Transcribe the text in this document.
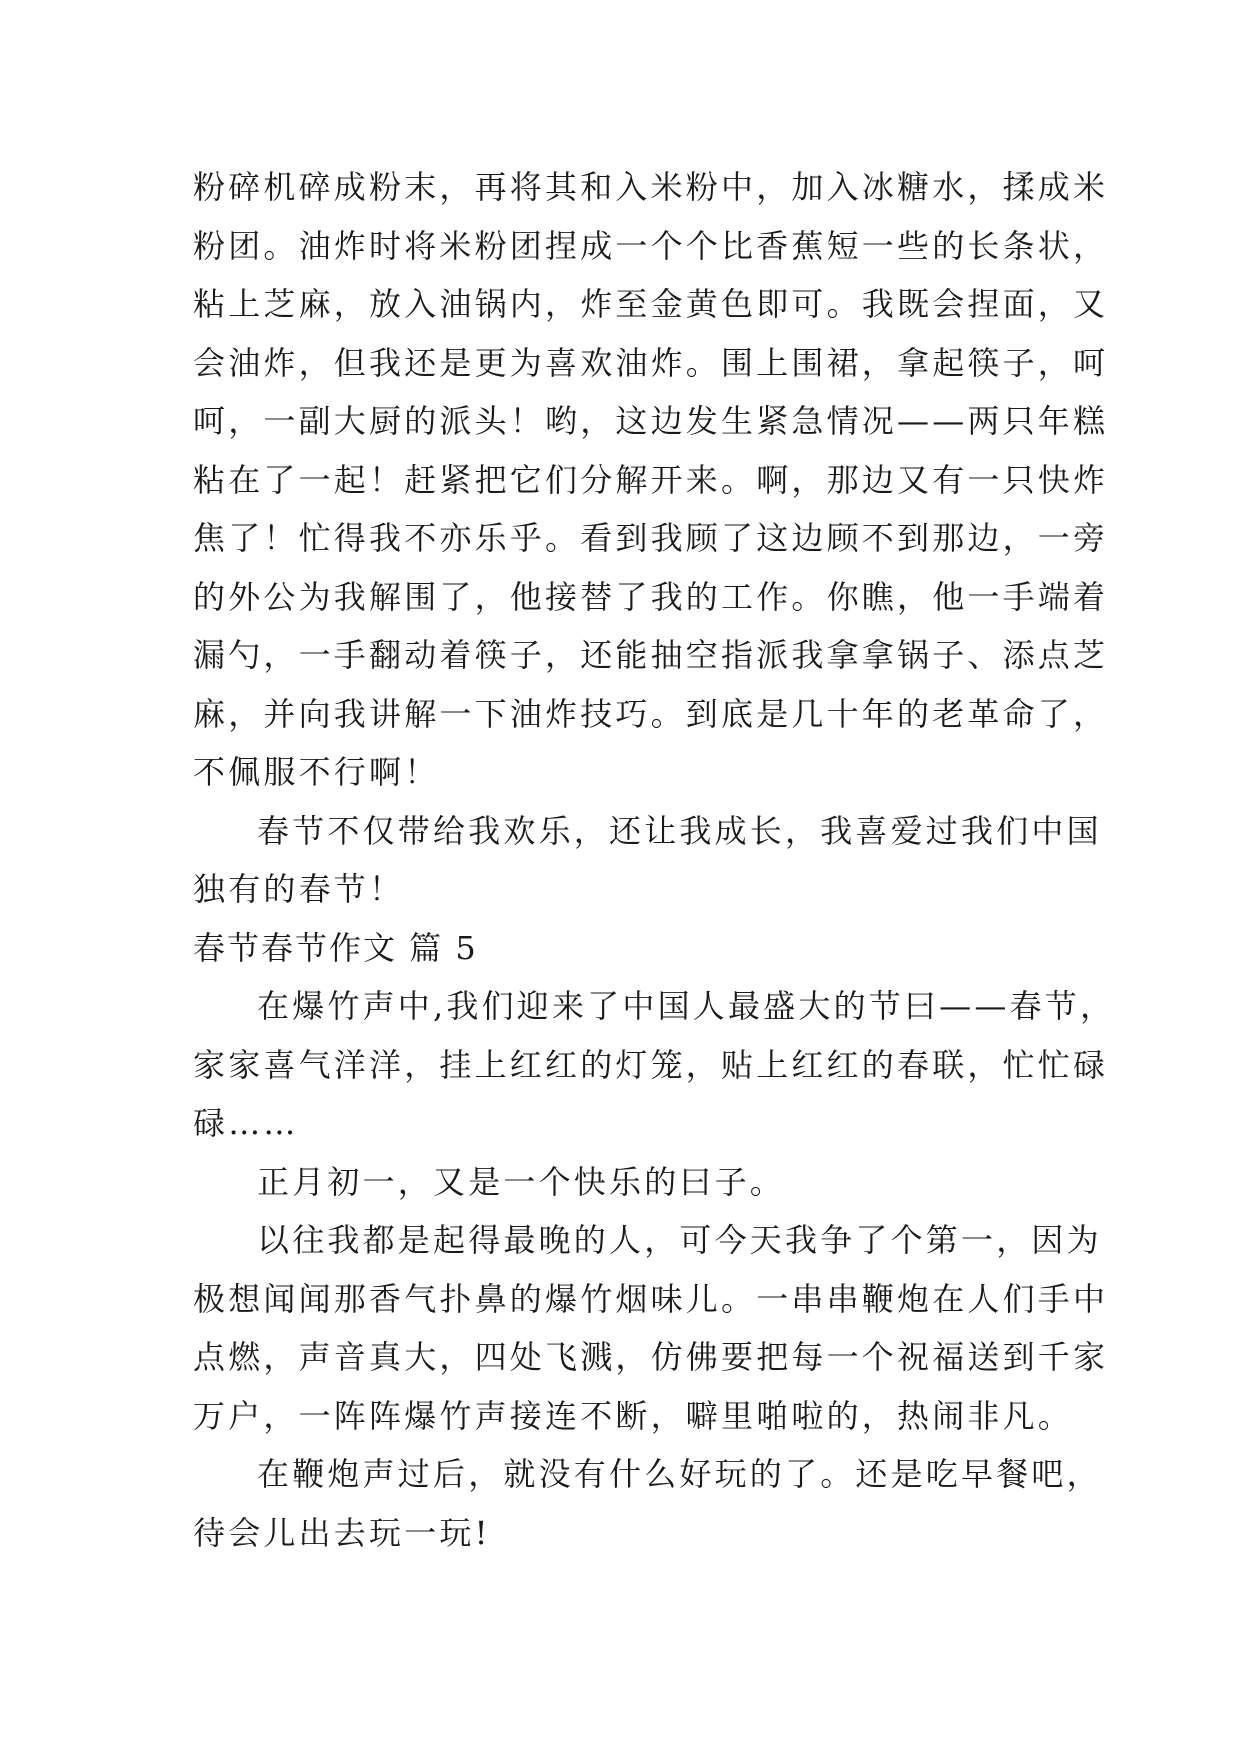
粉碎机碎成粉末，再将其和入米粉中，加入冰糖水，揉成米
粉团。油炸时将米粉团捏成一个个比香蕉短一些的长条状，
粘上芝麻，放入油锅内，炸至金黄色即可。我既会捏面，又
会油炸，但我还是更为喜欢油炸。围上围裙，拿起筷子，呵
呵，一副大厨的派头！哟，这边发生紧急情况——两只年糕
粘在了一起！赶紧把它们分解开来。啊，那边又有一只快炸
焦了！忙得我不亦乐乎。看到我顾了这边顾不到那边，一旁
的外公为我解围了，他接替了我的工作。你瞧，他一手端着
漏勺，一手翻动着筷子，还能抽空指派我拿拿锅子、添点芝
麻，并向我讲解一下油炸技巧。到底是几十年的老革命了，
不佩服不行啊！
春节不仅带给我欢乐，还让我成长，我喜爱过我们中国
独有的春节！
春节春节作文 篇 5
在爆竹声中,我们迎来了中国人最盛大的节曰——春节，
家家喜气洋洋，挂上红红的灯笼，贴上红红的春联，忙忙碌
碌……
正月初一，又是一个快乐的曰子。
以往我都是起得最晚的人，可今天我争了个第一，因为
极想闻闻那香气扑鼻的爆竹烟味儿。一串串鞭炮在人们手中
点燃，声音真大，四处飞溅，仿佛要把每一个祝福送到千家
万户，一阵阵爆竹声接连不断，噼里啪啦的，热闹非凡。
在鞭炮声过后，就没有什么好玩的了。还是吃早餐吧，
待会儿出去玩一玩!
